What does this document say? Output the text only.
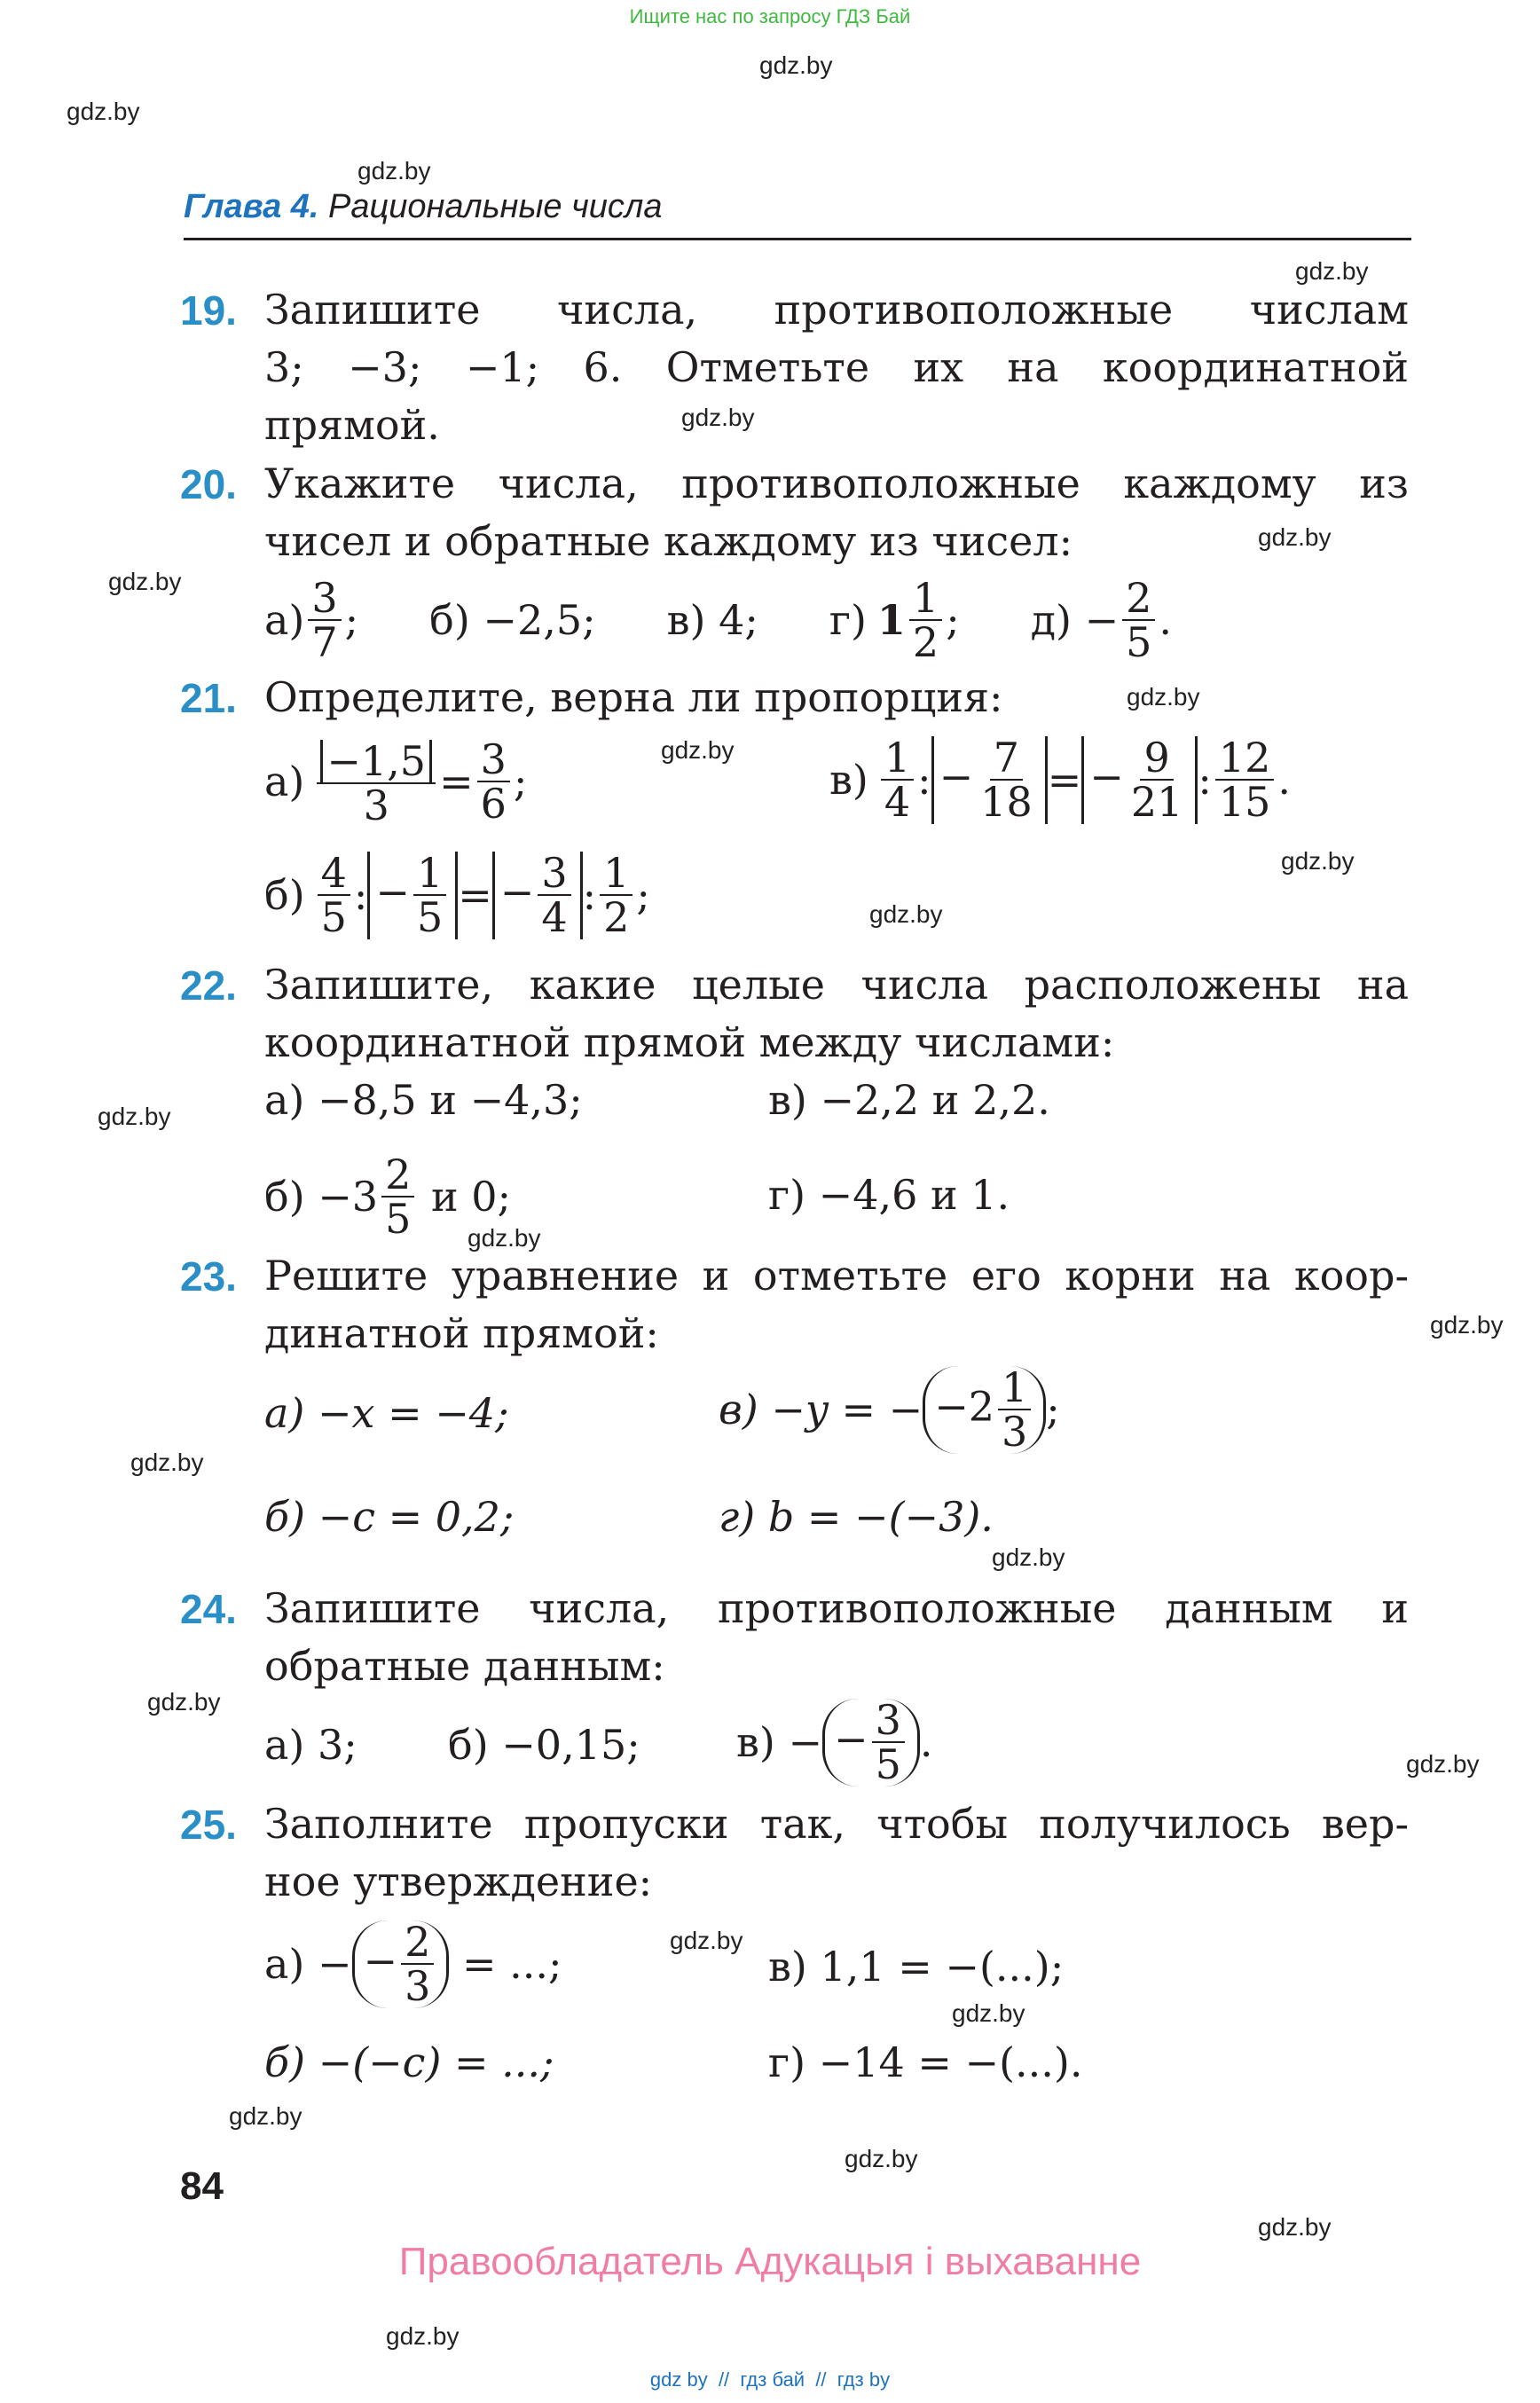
Ищите нас по запросу ГДЗ Бай
gdz.by
gdz.by
gdz.by
gdz.by
gdz.by
gdz.by
gdz.by
gdz.by
gdz.by
gdz.by
gdz.by
gdz.by
gdz.by
gdz.by
gdz.by
gdz.by
gdz.by
gdz.by
gdz.by
gdz.by
gdz.by
gdz.by
gdz.by
gdz.by
Глава 4. Рациональные числа
19. Запишите числа, противоположные числам
3; −3; −1; 6. Отметьте их на координатной
прямой.
20. Укажите числа, противоположные каждому из
чисел и обратные каждому из чисел:
$а) \frac{3}{7}$ ; б) −2,5; в) 4; г) $1 \frac{1}{2}$ ; $д) - \frac{2}{5}$ .
21. Определите, верна ли пропорция:
$а) \frac{-1,5}{3} = \frac{3}{6}$ ;	$в) \frac{1}{4}$ : − $\frac{7}{18}$ = − $\frac{9}{21}$ : $\frac{12}{15}$ .
$б) \frac{4}{5}$ : − $\frac{1}{5}$ = − $\frac{3}{4}$ : $\frac{1}{2}$ ;
22. Запишите, какие целые числа расположены на
координатной прямой между числами:
а) −8,5 и −4,3;	в) −2,2 и 2,2.
$б) -3 \frac{2}{5}$ и 0;	г) −4,6 и 1.
23. Решите уравнение и отметьте его корни на коор-
динатной прямой:
а) −x = −4;	в) −y = − $-2 \frac{1}{3}$ ;
б) −c = 0,2;	г) b = −(−3).
24. Запишите числа, противоположные данным и
обратные данным:
а) 3; б) −0,15; в) − − $\frac{3}{5}$ .
25. Заполните пропуски так, чтобы получилось вер-
ное утверждение:
а) − − $\frac{2}{3}$ = ...;	в) 1,1 = −(...);
б) −(−c) = ...;	г) −14 = −(...).
84
Правообладатель Адукацыя і выхаванне
gdz by  //  гдз бай  //  гдз by
